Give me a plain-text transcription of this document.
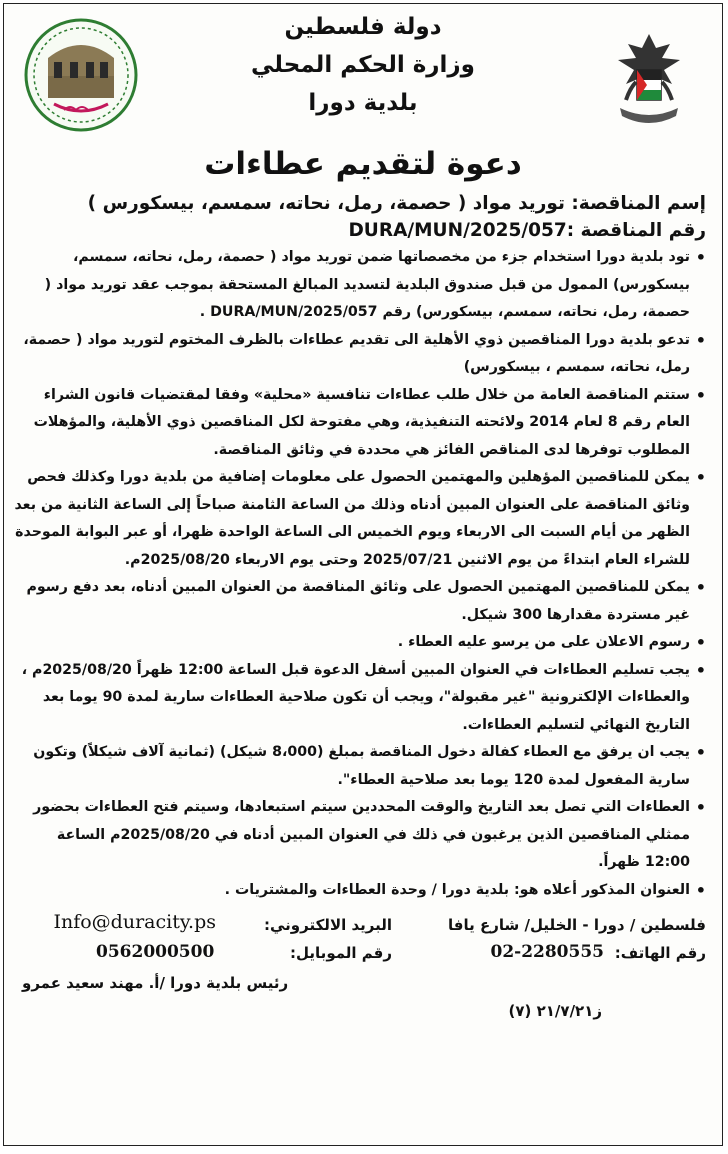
دولة فلسطين
وزارة الحكم المحلي
بلدية دورا
دعوة لتقديم عطاءات
إسم المناقصة: توريد مواد ( حصمة، رمل، نحاته، سمسم، بيسكورس )
رقم المناقصة :DURA/MUN/2025/057
• تود بلدية دورا استخدام جزء من مخصصاتها ضمن توريد مواد ( حصمة، رمل، نحاته، سمسم، بيسكورس) الممول من قبل صندوق البلدية لتسديد المبالغ المستحقة بموجب عقد توريد مواد ( حصمة، رمل، نحاته، سمسم، بيسكورس) رقم DURA/MUN/2025/057 .
• تدعو بلدية دورا المناقصين ذوي الأهلية الى تقديم عطاءات بالظرف المختوم لتوريد مواد ( حصمة، رمل، نحاته، سمسم ، بيسكورس)
• ستتم المناقصة العامة من خلال طلب عطاءات تنافسية «محلية» وفقا لمقتضيات قانون الشراء العام رقم 8 لعام 2014 ولائحته التنفيذية، وهي مفتوحة لكل المناقصين ذوي الأهلية، والمؤهلات المطلوب توفرها لدى المناقص الفائز هي محددة في وثائق المناقصة.
• يمكن للمناقصين المؤهلين والمهتمين الحصول على معلومات إضافية من بلدية دورا وكذلك فحص وثائق المناقصة على العنوان المبين أدناه وذلك من الساعة الثامنة صباحاً إلى الساعة الثانية من بعد الظهر من أيام السبت الى الاربعاء ويوم الخميس الى الساعة الواحدة ظهرا، أو عبر البوابة الموحدة للشراء العام ابتداءً من يوم الاثنين 2025/07/21 وحتى يوم الاربعاء 2025/08/20م.
• يمكن للمناقصين المهتمين الحصول على وثائق المناقصة من العنوان المبين أدناه، بعد دفع رسوم غير مستردة مقدارها 300 شيكل.
• رسوم الاعلان على من يرسو عليه العطاء .
• يجب تسليم العطاءات في العنوان المبين أسفل الدعوة قبل الساعة 12:00 ظهراً 2025/08/20م ، والعطاءات الإلكترونية "غير مقبولة"، ويجب أن تكون صلاحية العطاءات سارية لمدة 90 يوما بعد التاريخ النهائي لتسليم العطاءات.
• يجب ان يرفق مع العطاء كفالة دخول المناقصة بمبلغ (8،000 شيكل) (ثمانية آلاف شيكلاً) وتكون سارية المفعول لمدة 120 يوما بعد صلاحية العطاء".
• العطاءات التي تصل بعد التاريخ والوقت المحددين سيتم استبعادها، وسيتم فتح العطاءات بحضور ممثلي المناقصين الذين يرغبون في ذلك في العنوان المبين أدناه في 2025/08/20م الساعة 12:00 ظهراً.
• العنوان المذكور أعلاه هو: بلدية دورا / وحدة العطاءات والمشتريات .
البريد الالكتروني:
Info@duracity.ps	فلسطين / دورا - الخليل/ شارع يافا
رقم الهاتف:
02-2280555
رقم الموبايل:
0562000500
رئيس بلدية دورا /أ. مهند سعيد عمرو
ز٢١/٧/٢١ (٧)
